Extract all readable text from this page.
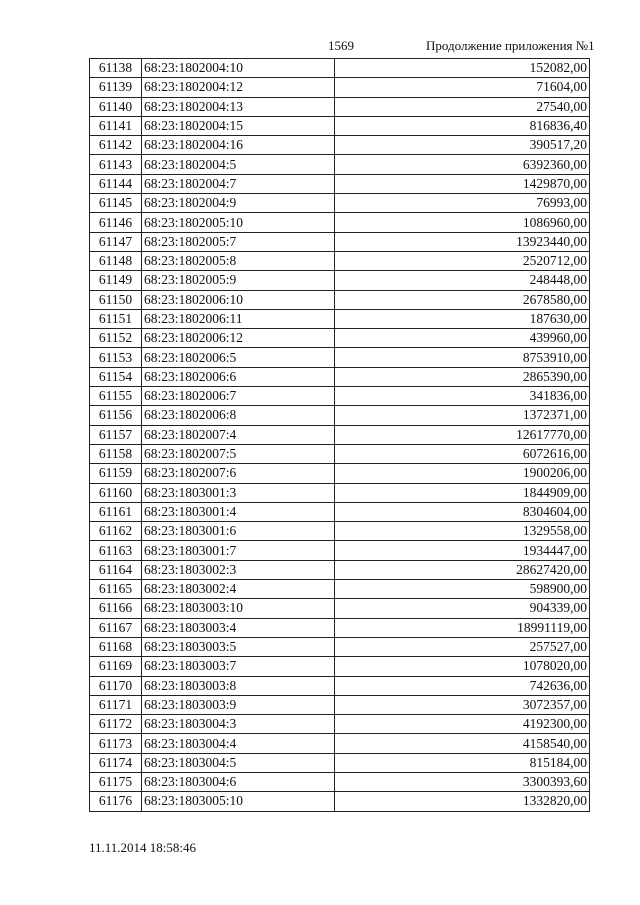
1569	Продолжение приложения №1
61138	68:23:1802004:10	152082,00
61139	68:23:1802004:12	71604,00
61140	68:23:1802004:13	27540,00
61141	68:23:1802004:15	816836,40
61142	68:23:1802004:16	390517,20
61143	68:23:1802004:5	6392360,00
61144	68:23:1802004:7	1429870,00
61145	68:23:1802004:9	76993,00
61146	68:23:1802005:10	1086960,00
61147	68:23:1802005:7	13923440,00
61148	68:23:1802005:8	2520712,00
61149	68:23:1802005:9	248448,00
61150	68:23:1802006:10	2678580,00
61151	68:23:1802006:11	187630,00
61152	68:23:1802006:12	439960,00
61153	68:23:1802006:5	8753910,00
61154	68:23:1802006:6	2865390,00
61155	68:23:1802006:7	341836,00
61156	68:23:1802006:8	1372371,00
61157	68:23:1802007:4	12617770,00
61158	68:23:1802007:5	6072616,00
61159	68:23:1802007:6	1900206,00
61160	68:23:1803001:3	1844909,00
61161	68:23:1803001:4	8304604,00
61162	68:23:1803001:6	1329558,00
61163	68:23:1803001:7	1934447,00
61164	68:23:1803002:3	28627420,00
61165	68:23:1803002:4	598900,00
61166	68:23:1803003:10	904339,00
61167	68:23:1803003:4	18991119,00
61168	68:23:1803003:5	257527,00
61169	68:23:1803003:7	1078020,00
61170	68:23:1803003:8	742636,00
61171	68:23:1803003:9	3072357,00
61172	68:23:1803004:3	4192300,00
61173	68:23:1803004:4	4158540,00
61174	68:23:1803004:5	815184,00
61175	68:23:1803004:6	3300393,60
61176	68:23:1803005:10	1332820,00
11.11.2014 18:58:46
